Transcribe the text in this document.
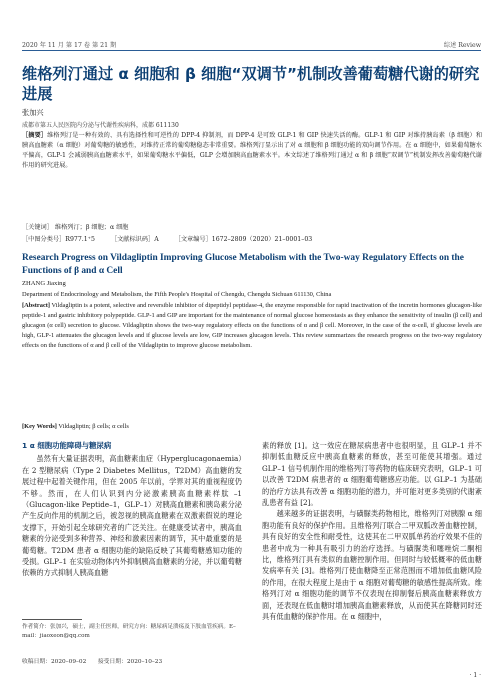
2020 年 11 月 第 17 卷 第 21 期	综述 Review
维格列汀通过 α 细胞和 β 细胞“双调节”机制改善葡萄糖代谢的研究进展
张加兴
成都市第五人民医院内分泌与代谢性疾病科，成都 611130
［摘要］维格列汀是一种有效的、具有选择性和可逆性的 DPP-4 抑制剂，而 DPP-4 是可致 GLP-1 和 GIP 快速失活的酶。GLP-1 和 GIP 对维持胰岛素（β 细胞）和胰高血糖素（α 细胞）对葡萄糖的敏感性，对维持正常的葡萄糖稳态非常重要。维格列汀显示出了对 α 细胞和 β 细胞功能的双向调节作用。在 α 细胞中，如果葡萄糖水平偏高，GLP-1 会减弱胰高血糖素水平，如果葡萄糖水平偏低，GLP 会增加胰高血糖素水平。本文综述了维格列汀通过 α 和 β 细胞“双调节”机制发挥改善葡萄糖代谢作用的研究进展。
［关键词］ 维格列汀；β 细胞；α 细胞
［中图分类号］R977.1⁺5	［文献标识码］A	［文章编号］1672–2809（2020）21–0001–03
Research Progress on Vildagliptin Improving Glucose Metabolism with the Two-way Regulatory Effects on the Functions of β and α Cell
ZHANG Jiaxing
Department of Endocrinology and Metabolism, the Fifth People's Hospital of Chengdu, Chengdu Sichuan 611130, China
[Abstract] Vildagliptin is a potent, selective and reversible inhibitor of dipeptidyl peptidase-4, the enzyme responsible for rapid inactivation of the incretin hormones glucagon-like peptide-1 and gastric inhibitory polypeptide. GLP-1 and GIP are important for the maintenance of normal glucose homeostasis as they enhance the sensitivity of insulin (β cell) and glucagon (α cell) secretion to glucose. Vildagliptin shows the two-way regulatory effects on the functions of α and β cell. Moreover, in the case of the α-cell, if glucose levels are high, GLP-1 attenuates the glucagon levels and if glucose levels are low, GIP increases glucagon levels. This review summarizes the research progress on the two-way regulatory effects on the functions of α and β cell of the Vildagliptin to improve glucose metabolism.
[Key Words] Vildagliptin; β cells; α cells
1 α 细胞功能障碍与糖尿病
虽然有大量证据表明，高血糖素血症（Hyperglucagonaemia）在 2 型糖尿病（Type 2 Diabetes Mellitus，T2DM）高血糖的发展过程中起着关键作用，但在 2005 年以前，学界对其的重视程度仍不够。然而，在人们认识到内分泌激素胰高血糖素样肽 –1（Glucagon-like Peptide–1，GLP–1）对胰高血糖素和胰岛素分泌产生反向作用的机制之后，被忽视的胰高血糖素在双激素假说的理论支撑下，开始引起全球研究者的广泛关注。在健康受试者中，胰高血糖素的分泌受到多种营养、神经和激素因素的调节，其中最重要的是葡萄糖。T2DM 患者 α 细胞功能的缺陷反映了其葡萄糖感知功能的受损。GLP–1 在实验动物体内外抑制胰高血糖素的分泌，并以葡萄糖依赖的方式抑制人胰高血糖
素的释放 [1]。这一效应在糖尿病患者中也很明显，且 GLP–1 并不抑制低血糖反应中胰高血糖素的释放，甚至可能使其增强。通过 GLP–1 信号机制作用的维格列汀等药物的临床研究表明，GLP–1 可以改善 T2DM 病患者的 α 细胞葡萄糖感应功能。以 GLP–1 为基础的治疗方法具有改善 α 细胞功能的潜力，并可能对更多类别的代谢紊乱患者有益 [2]。
　　越来越多的证据表明，与磺脲类药物相比，维格列汀对胰腺 α 细胞功能有良好的保护作用。且维格列汀联合二甲双胍改善血糖控制，具有良好的安全性和耐受性，这使其在二甲双胍单药治疗效果不佳的患者中成为一种具有吸引力的治疗选择。与磺脲类和噻唑烷二酮相比，维格列汀具有类似的血糖控制作用。但同时与较低概率的低血糖发病率有关 [3]。维格列汀使血糖降至正常范围而不增加低血糖风险的作用，在很大程度上是由于 α 细胞对葡萄糖的敏感性提高所致。维格列汀对 α 细胞功能的调节不仅表现在抑制餐后胰高血糖素释放方面，还表现在低血糖时增加胰高血糖素释放，从而使其在降糖同时还具有低血糖的保护作用。在 α 细胞中，
作者简介：张加兴，硕士，副主任医师，研究方向：糖尿病足溃疡及下肢血管疾病。E–mail：jiaoxeon@qq.com
收稿日期：2020–09–02　　接受日期：2020–10–23
· 1 ·
